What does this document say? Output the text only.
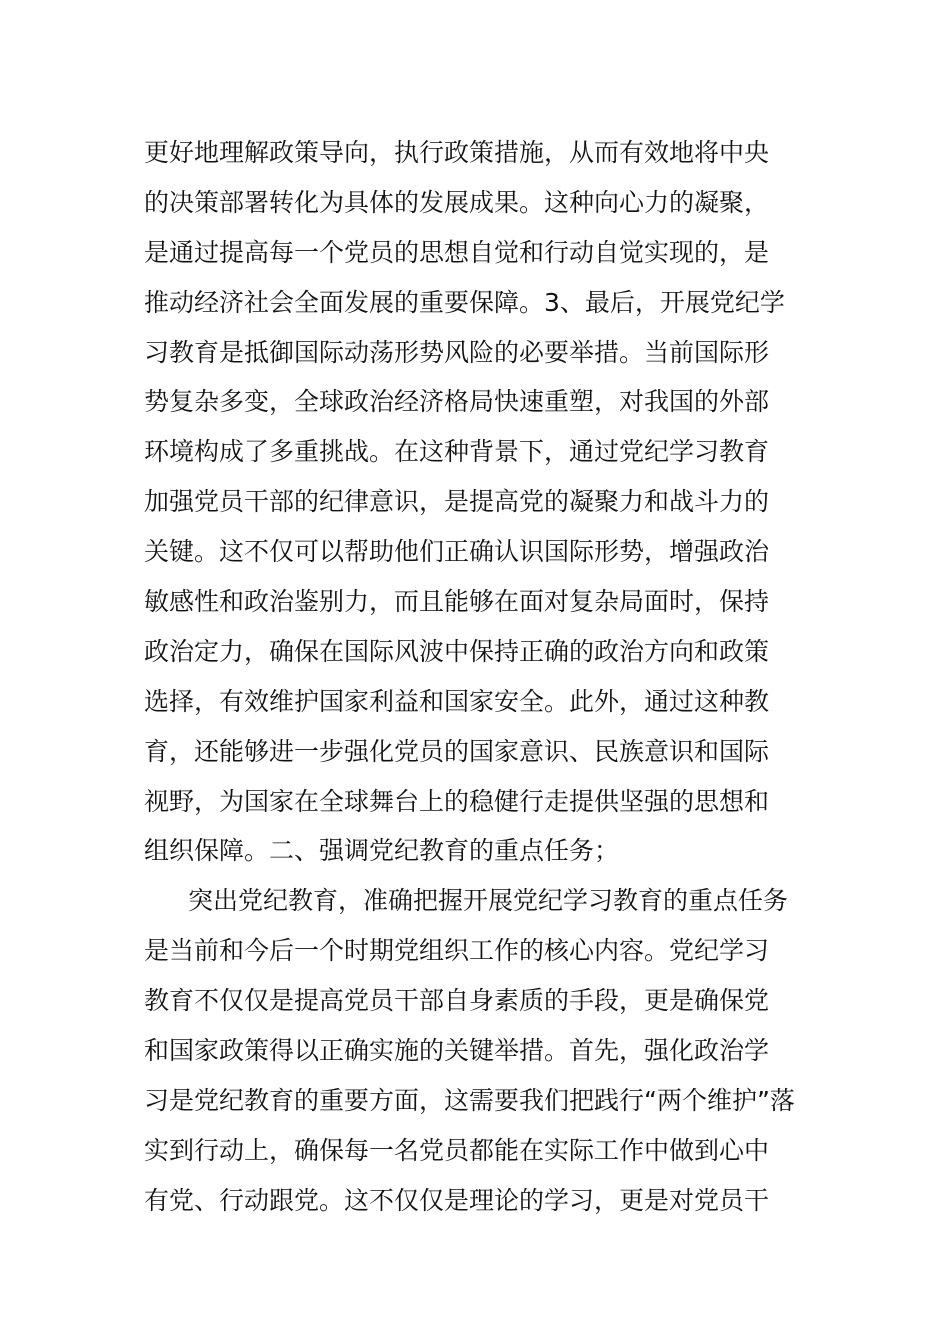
更好地理解政策导向，执行政策措施，从而有效地将中央
的决策部署转化为具体的发展成果。这种向心力的凝聚，
是通过提高每一个党员的思想自觉和行动自觉实现的，是
推动经济社会全面发展的重要保障。3、最后，开展党纪学
习教育是抵御国际动荡形势风险的必要举措。当前国际形
势复杂多变，全球政治经济格局快速重塑，对我国的外部
环境构成了多重挑战。在这种背景下，通过党纪学习教育
加强党员干部的纪律意识，是提高党的凝聚力和战斗力的
关键。这不仅可以帮助他们正确认识国际形势，增强政治
敏感性和政治鉴别力，而且能够在面对复杂局面时，保持
政治定力，确保在国际风波中保持正确的政治方向和政策
选择，有效维护国家利益和国家安全。此外，通过这种教
育，还能够进一步强化党员的国家意识、民族意识和国际
视野，为国家在全球舞台上的稳健行走提供坚强的思想和
组织保障。二、强调党纪教育的重点任务；
突出党纪教育，准确把握开展党纪学习教育的重点任务
是当前和今后一个时期党组织工作的核心内容。党纪学习
教育不仅仅是提高党员干部自身素质的手段，更是确保党
和国家政策得以正确实施的关键举措。首先，强化政治学
习是党纪教育的重要方面，这需要我们把践行“两个维护”落
实到行动上，确保每一名党员都能在实际工作中做到心中
有党、行动跟党。这不仅仅是理论的学习，更是对党员干
